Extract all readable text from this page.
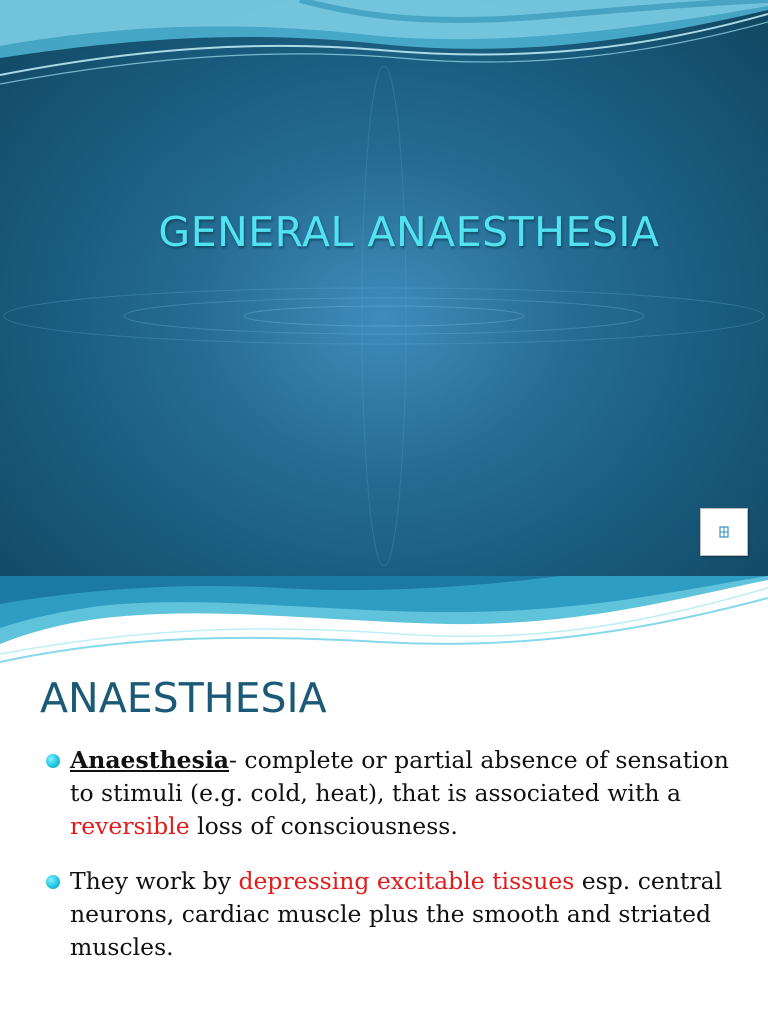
GENERAL ANAESTHESIA
ANAESTHESIA
Anaesthesia- complete or partial absence of sensation to stimuli (e.g. cold, heat), that is associated with a reversible loss of consciousness.
They work by depressing excitable tissues esp. central neurons, cardiac muscle plus the smooth and striated muscles.
